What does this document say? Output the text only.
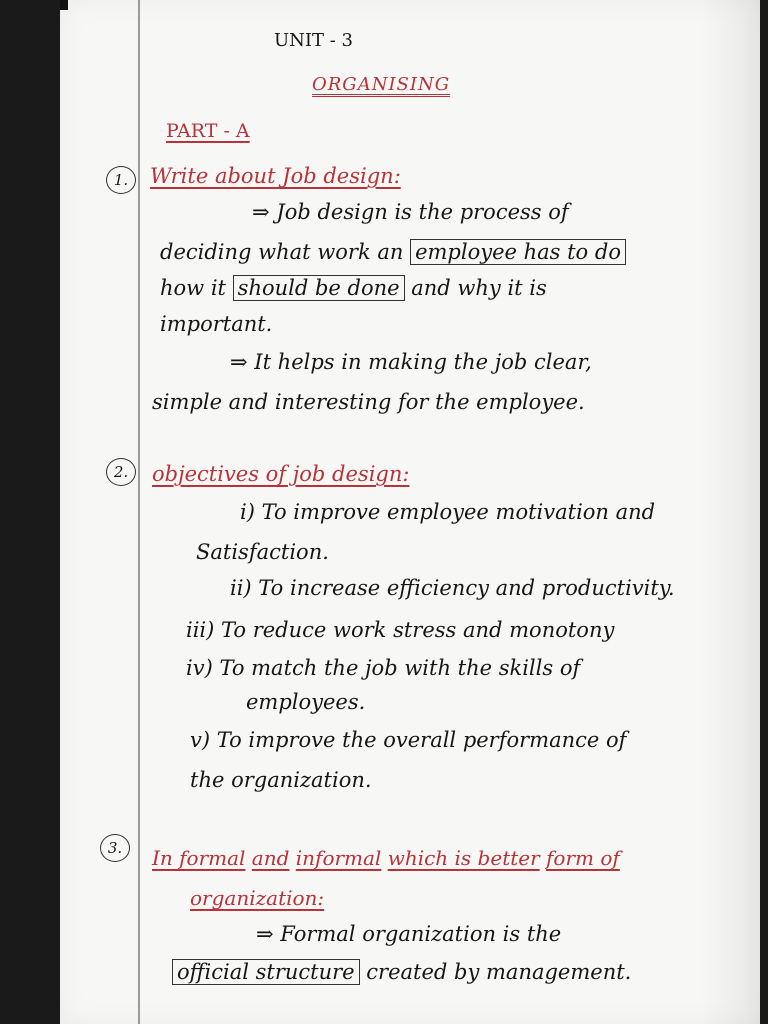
UNIT - 3
ORGANISING
PART - A
1. Write about Job design:
⇒ Job design is the process of
deciding what work an employee has to do
how it should be done and why it is
important.
⇒ It helps in making the job clear,
simple and interesting for the employee.
2. objectives of job design:
i) To improve employee motivation and
Satisfaction.
ii) To increase efficiency and productivity.
iii) To reduce work stress and monotony
iv) To match the job with the skills of
employees.
v) To improve the overall performance of
the organization.
3. In formal and informal which is better form of
organization:
⇒ Formal organization is the
official structure created by management.
